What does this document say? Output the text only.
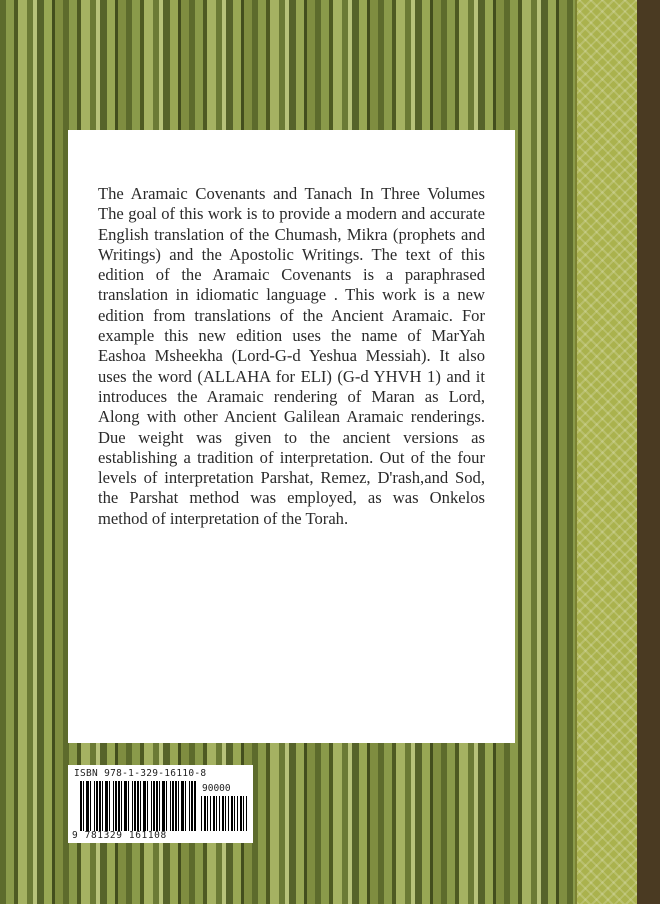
The Aramaic Covenants and Tanach In Three Volumes The goal of this work is to provide a modern and accurate English translation of the Chumash, Mikra (prophets and Writings) and the Apostolic Writings. The text of this edition of the Aramaic Covenants is a paraphrased translation in idiomatic language . This work is a new edition from translations of the Ancient Aramaic. For example this new edition uses the name of MarYah Eashoa Msheekha (Lord-G-d Yeshua Messiah). It also uses the word (ALLAHA for ELI) (G-d YHVH 1) and it introduces the Aramaic rendering of Maran as Lord, Along with other Ancient Galilean Aramaic renderings. Due weight was given to the ancient versions as establishing a tradition of interpretation. Out of the four levels of interpretation Parshat, Remez, D'rash,and Sod, the Parshat method was employed, as was Onkelos method of interpretation of the Torah.

ISBN 978-1-329-16110-8
90000
9 781329 161108
